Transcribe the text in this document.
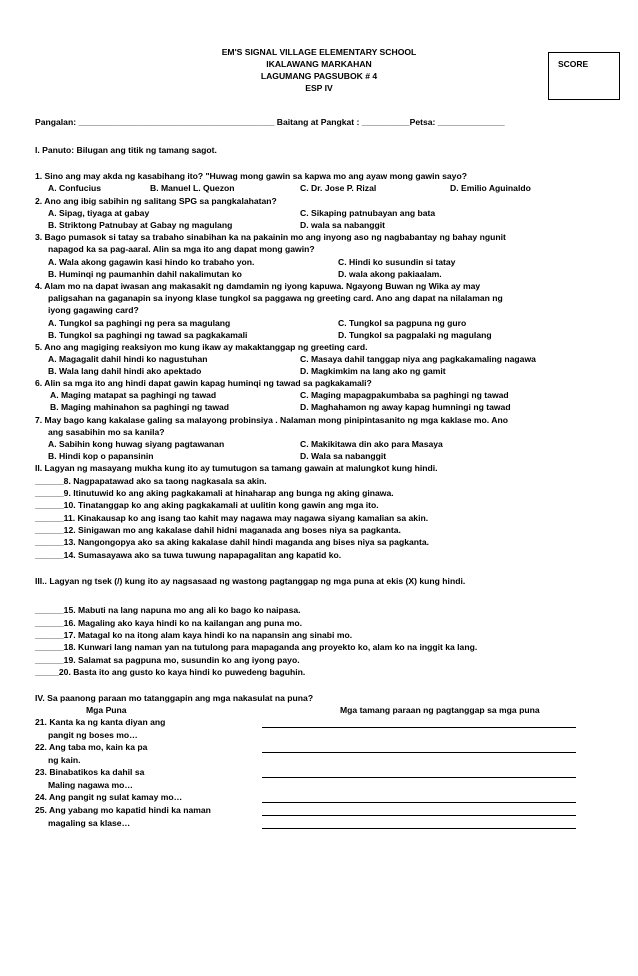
EM'S SIGNAL VILLAGE ELEMENTARY SCHOOL
IKALAWANG MARKAHAN
LAGUMANG PAGSUBOK # 4
ESP IV
SCORE
Pangalan: _________________________________________ Baitang at Pangkat : __________Petsa: ______________
I. Panuto: Bilugan ang titik ng tamang sagot.
1. Sino ang may akda ng kasabihang ito? "Huwag mong gawin sa kapwa mo ang ayaw mong gawin sayo?
A. Confucius	B. Manuel L. Quezon	C. Dr. Jose P. Rizal	D. Emilio Aguinaldo
2. Ano ang ibig sabihin ng salitang SPG sa pangkalahatan?
A. Sipag, tiyaga at gabay	C. Sikaping patnubayan ang bata
B. Striktong Patnubay at Gabay ng magulang	D. wala sa nabanggit
3. Bago pumasok si tatay sa trabaho sinabihan ka na pakainin mo ang inyong aso ng nagbabantay ng bahay ngunit
napagod ka sa pag-aaral. Alin sa mga ito ang dapat mong gawin?
A. Wala akong gagawin kasi hindo ko trabaho yon.	C. Hindi ko susundin si tatay
B. Huminqi ng paumanhin dahil nakalimutan ko	D. wala akong pakiaalam.
4. Alam mo na dapat iwasan ang makasakit ng damdamin ng iyong kapuwa. Ngayong Buwan ng Wika ay may
paligsahan na gaganapin sa inyong klase tungkol sa paggawa ng greeting card. Ano ang dapat na nilalaman ng
iyong gagawing card?
A. Tungkol sa paghingi ng pera sa magulang	C. Tungkol sa pagpuna ng guro
B. Tungkol sa paghingi ng tawad sa pagkakamali	D. Tungkol sa pagpalaki ng magulang
5. Ano ang magiging reaksiyon mo kung ikaw ay makaktanggap ng greeting card.
A. Magagalit dahil hindi ko nagustuhan	C. Masaya dahil tanggap niya ang pagkakamaling nagawa
B. Wala lang dahil hindi ako apektado	D. Magkimkim na lang ako ng gamit
6. Alin sa mga ito ang hindi dapat gawin kapag huminqi ng tawad sa pagkakamali?
A. Maging matapat sa paghingi ng tawad	C. Maging mapagpakumbaba sa paghingi ng tawad
B. Maging mahinahon sa paghingi ng tawad	D. Maghahamon ng away kapag humningi ng tawad
7. May bago kang kakalase galing sa malayong probinsiya . Nalaman mong pinipintasanito ng mga kaklase mo. Ano
ang sasabihin mo sa kanila?
A. Sabihin kong huwag siyang pagtawanan	C. Makikitawa din ako para Masaya
B. Hindi kop o papansinin	D. Wala sa nabanggit
II. Lagyan ng masayang mukha kung ito ay tumutugon sa tamang gawain at malungkot kung hindi.
______8. Nagpapatawad ako sa taong nagkasala sa akin.
______9. Itinutuwid ko ang aking pagkakamali at hinaharap ang bunga ng aking ginawa.
______10. Tinatanggap ko ang aking pagkakamali at uulitin kong gawin ang mga ito.
______11. Kinakausap ko ang isang tao kahit may nagawa may nagawa siyang kamalian sa akin.
______12. Sinigawan mo ang kakalase dahil hidni maganada ang boses niya sa pagkanta.
______13. Nangongopya ako sa aking kakalase dahil hindi maganda ang bises niya sa pagkanta.
______14. Sumasayawa ako sa tuwa tuwung napapagalitan ang kapatid ko.
III.. Lagyan ng tsek (/) kung ito ay nagsasaad ng wastong pagtanggap ng mga puna at ekis (X) kung hindi.
______15. Mabuti na lang napuna mo ang ali ko bago ko naipasa.
______16. Magaling ako kaya hindi ko na kailangan ang puna mo.
______17. Matagal ko na itong alam kaya hindi ko na napansin ang sinabi mo.
______18. Kunwari lang naman yan na tutulong para mapaganda ang proyekto ko, alam ko na inggit ka lang.
______19. Salamat sa pagpuna mo, susundin ko ang iyong payo.
_____20. Basta ito ang gusto ko kaya hindi ko puwedeng baguhin.
IV. Sa paanong paraan mo tatanggapin ang mga nakasulat na puna?
Mga Puna	Mga tamang paraan ng pagtanggap sa mga puna
21. Kanta ka ng kanta diyan ang
pangit ng boses mo…
22. Ang taba mo, kain ka pa
ng kain.
23. Binabatikos ka dahil sa
Maling nagawa mo…
24. Ang pangit ng sulat kamay mo…
25. Ang yabang mo kapatid hindi ka naman
magaling sa klase…
